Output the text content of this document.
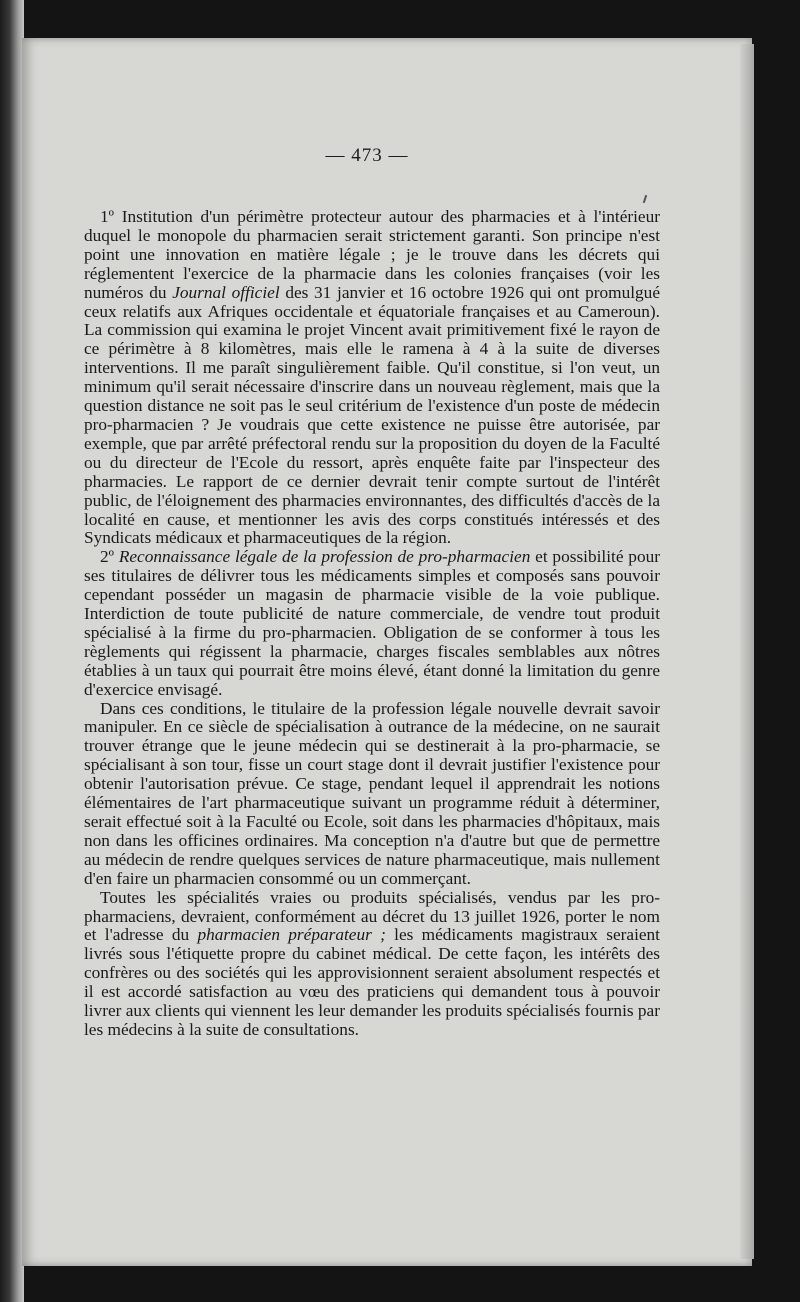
— 473 —

1º Institution d'un périmètre protecteur autour des pharmacies et à l'intérieur duquel le monopole du pharmacien serait strictement garanti. Son principe n'est point une innovation en matière légale ; je le trouve dans les décrets qui réglementent l'exercice de la pharmacie dans les colonies françaises (voir les numéros du Journal officiel des 31 janvier et 16 octobre 1926 qui ont promulgué ceux relatifs aux Afriques occidentale et équatoriale françaises et au Cameroun). La commission qui examina le projet Vincent avait primitivement fixé le rayon de ce périmètre à 8 kilomètres, mais elle le ramena à 4 à la suite de diverses interventions. Il me paraît singulièrement faible. Qu'il constitue, si l'on veut, un minimum qu'il serait nécessaire d'inscrire dans un nouveau règlement, mais que la question distance ne soit pas le seul critérium de l'existence d'un poste de médecin pro-pharmacien ? Je voudrais que cette existence ne puisse être autorisée, par exemple, que par arrêté préfectoral rendu sur la proposition du doyen de la Faculté ou du directeur de l'Ecole du ressort, après enquête faite par l'inspecteur des pharmacies. Le rapport de ce dernier devrait tenir compte surtout de l'intérêt public, de l'éloignement des pharmacies environnantes, des difficultés d'accès de la localité en cause, et mentionner les avis des corps constitués intéressés et des Syndicats médicaux et pharmaceutiques de la région.

2º Reconnaissance légale de la profession de pro-pharmacien et possibilité pour ses titulaires de délivrer tous les médicaments simples et composés sans pouvoir cependant posséder un magasin de pharmacie visible de la voie publique. Interdiction de toute publicité de nature commerciale, de vendre tout produit spécialisé à la firme du pro-pharmacien. Obligation de se conformer à tous les règlements qui régissent la pharmacie, charges fiscales semblables aux nôtres établies à un taux qui pourrait être moins élevé, étant donné la limitation du genre d'exercice envisagé.

Dans ces conditions, le titulaire de la profession légale nouvelle devrait savoir manipuler. En ce siècle de spécialisation à outrance de la médecine, on ne saurait trouver étrange que le jeune médecin qui se destinerait à la pro-pharmacie, se spécialisant à son tour, fisse un court stage dont il devrait justifier l'existence pour obtenir l'autorisation prévue. Ce stage, pendant lequel il apprendrait les notions élémentaires de l'art pharmaceutique suivant un programme réduit à déterminer, serait effectué soit à la Faculté ou Ecole, soit dans les pharmacies d'hôpitaux, mais non dans les officines ordinaires. Ma conception n'a d'autre but que de permettre au médecin de rendre quelques services de nature pharmaceutique, mais nullement d'en faire un pharmacien consommé ou un commerçant.

Toutes les spécialités vraies ou produits spécialisés, vendus par les pro-pharmaciens, devraient, conformément au décret du 13 juillet 1926, porter le nom et l'adresse du pharmacien préparateur ; les médicaments magistraux seraient livrés sous l'étiquette propre du cabinet médical. De cette façon, les intérêts des confrères ou des sociétés qui les approvisionnent seraient absolument respectés et il est accordé satisfaction au vœu des praticiens qui demandent tous à pouvoir livrer aux clients qui viennent les leur demander les produits spécialisés fournis par les médecins à la suite de consultations.
